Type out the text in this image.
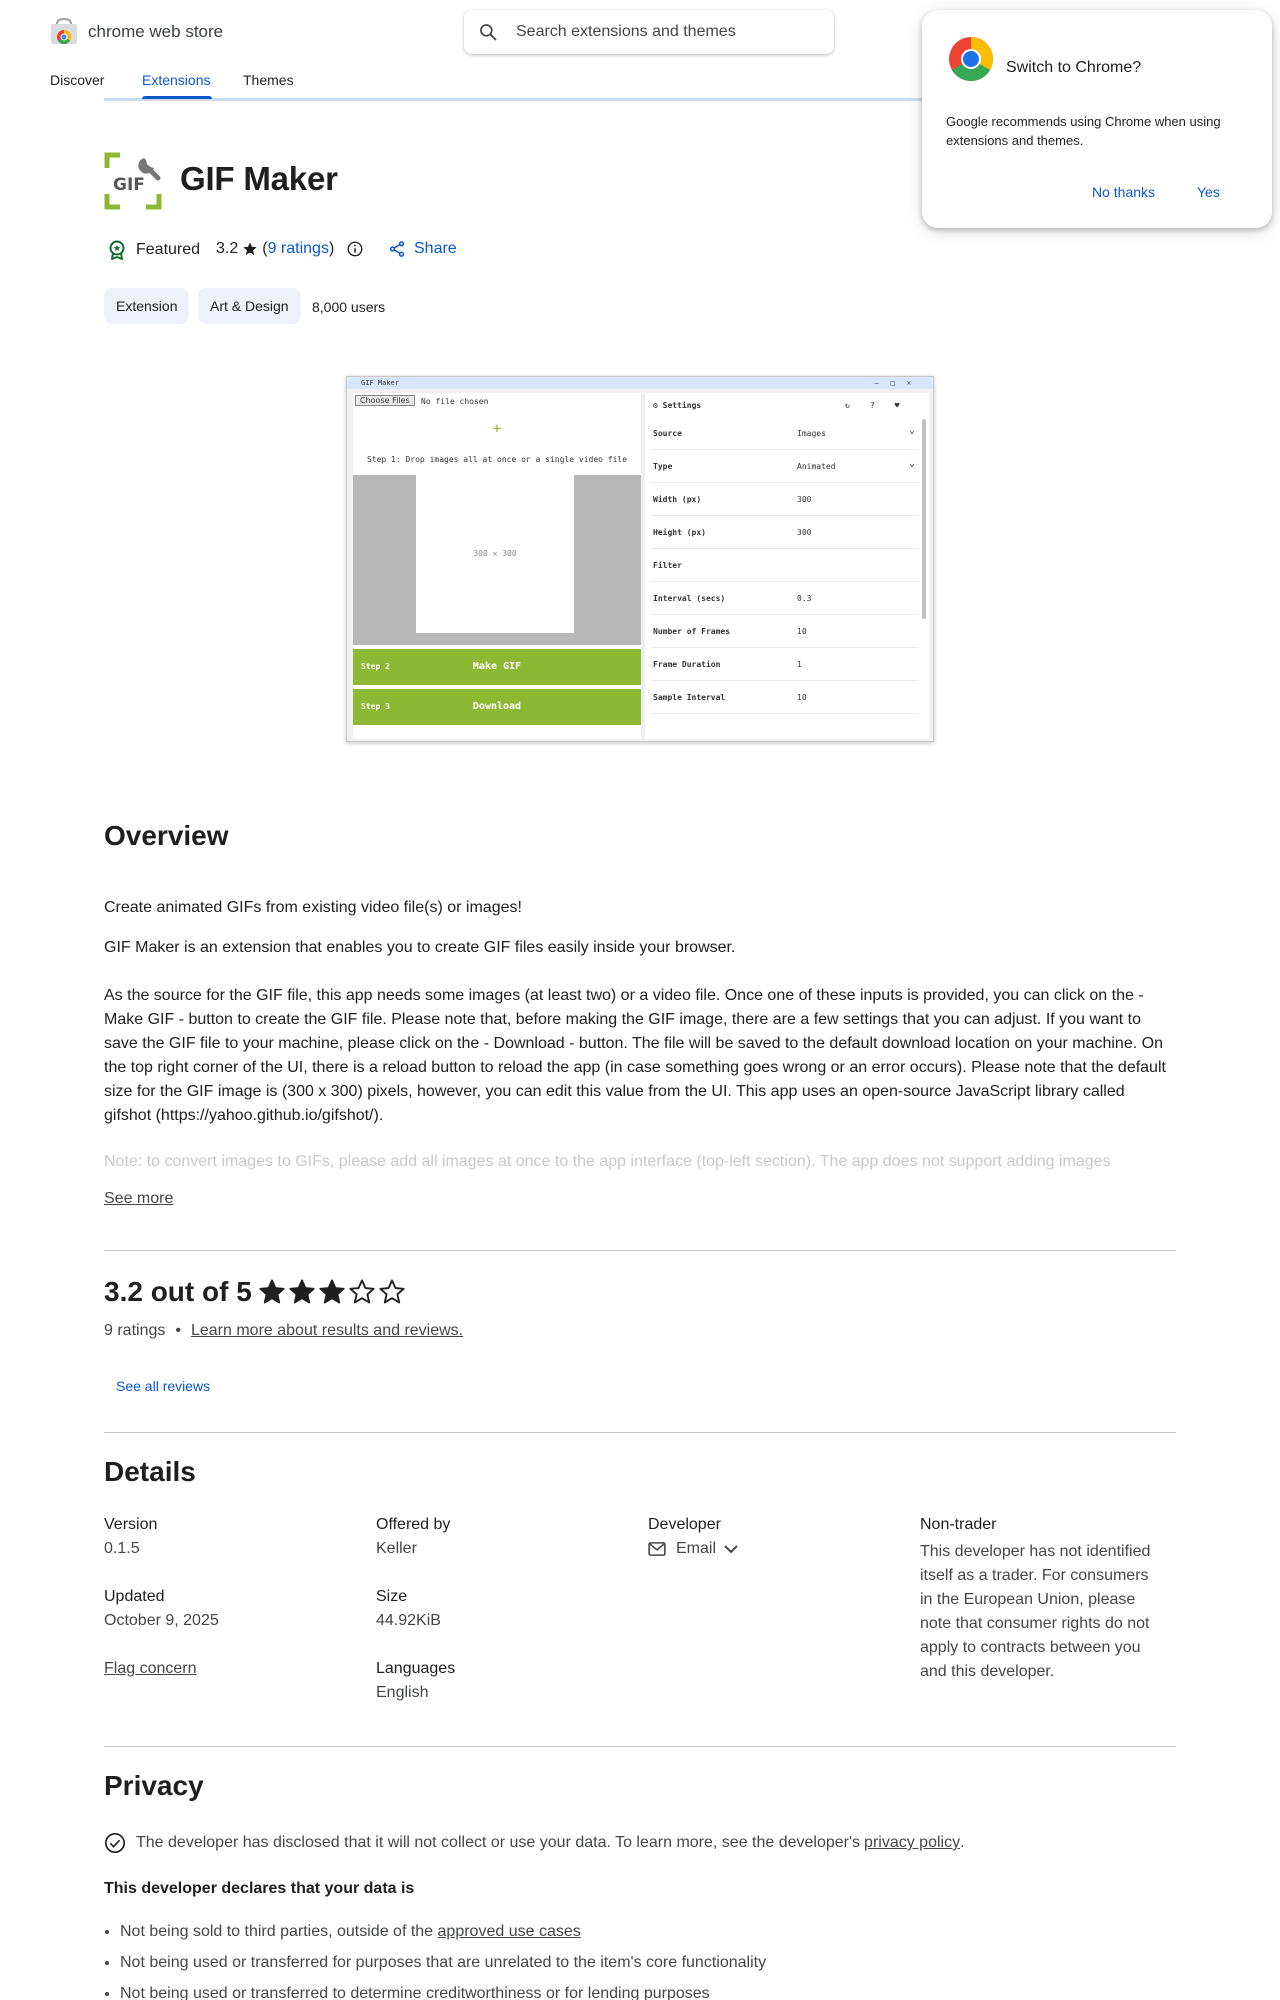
chrome web store
Search extensions and themes
Discover	Extensions Themes
Switch to Chrome?

Google recommends using Chrome when using extensions and themes.

No thanks	Yes
GIF GIF Maker
Featured 3.2 ( 9 ratings )	Share
Extension	Art & Design	8,000 users
GIF Maker	–□✕
Choose Files	No file chosen
+
Step 1: Drop images all at once or a single video file
300 ✕ 300
Make GIF
Step 2
Download
Step 3
⚙ Settings	↻?♥
Source	Images	⌄
Type	Animated	⌄
Width (px)	300
Height (px)	300
Filter
Interval (secs)	0.3
Number of Frames	10
Frame Duration	1
Sample Interval	10
Overview

Create animated GIFs from existing video file(s) or images!

GIF Maker is an extension that enables you to create GIF files easily inside your browser.

As the source for the GIF file, this app needs some images (at least two) or a video file. Once one of these inputs is provided, you can click on the - Make GIF - button to create the GIF file. Please note that, before making the GIF image, there are a few settings that you can adjust. If you want to save the GIF file to your machine, please click on the - Download - button. The file will be saved to the default download location on your machine. On the top right corner of the UI, there is a reload button to reload the app (in case something goes wrong or an error occurs). Please note that the default size for the GIF image is (300 x 300) pixels, however, you can edit this value from the UI. This app uses an open-source JavaScript library called gifshot (https://yahoo.github.io/gifshot/).

Note: to convert images to GIFs, please add all images at once to the app interface (top-left section). The app does not support adding images

See more
3.2 out of 5
9 ratings • Learn more about results and reviews.
See all reviews
Details
Version
0.1.5
Offered by
Keller
Developer
Email
Non-trader

This developer has not identified itself as a trader. For consumers in the European Union, please note that consumer rights do not apply to contracts between you and this developer.

Updated
October 9, 2025
Size
44.92KiB
Flag concern	Languages
English
Privacy
The developer has disclosed that it will not collect or use your data. To learn more, see the developer's privacy policy .

This developer declares that your data is

• Not being sold to third parties, outside of the approved use cases
• Not being used or transferred for purposes that are unrelated to the item's core functionality
• Not being used or transferred to determine creditworthiness or for lending purposes
